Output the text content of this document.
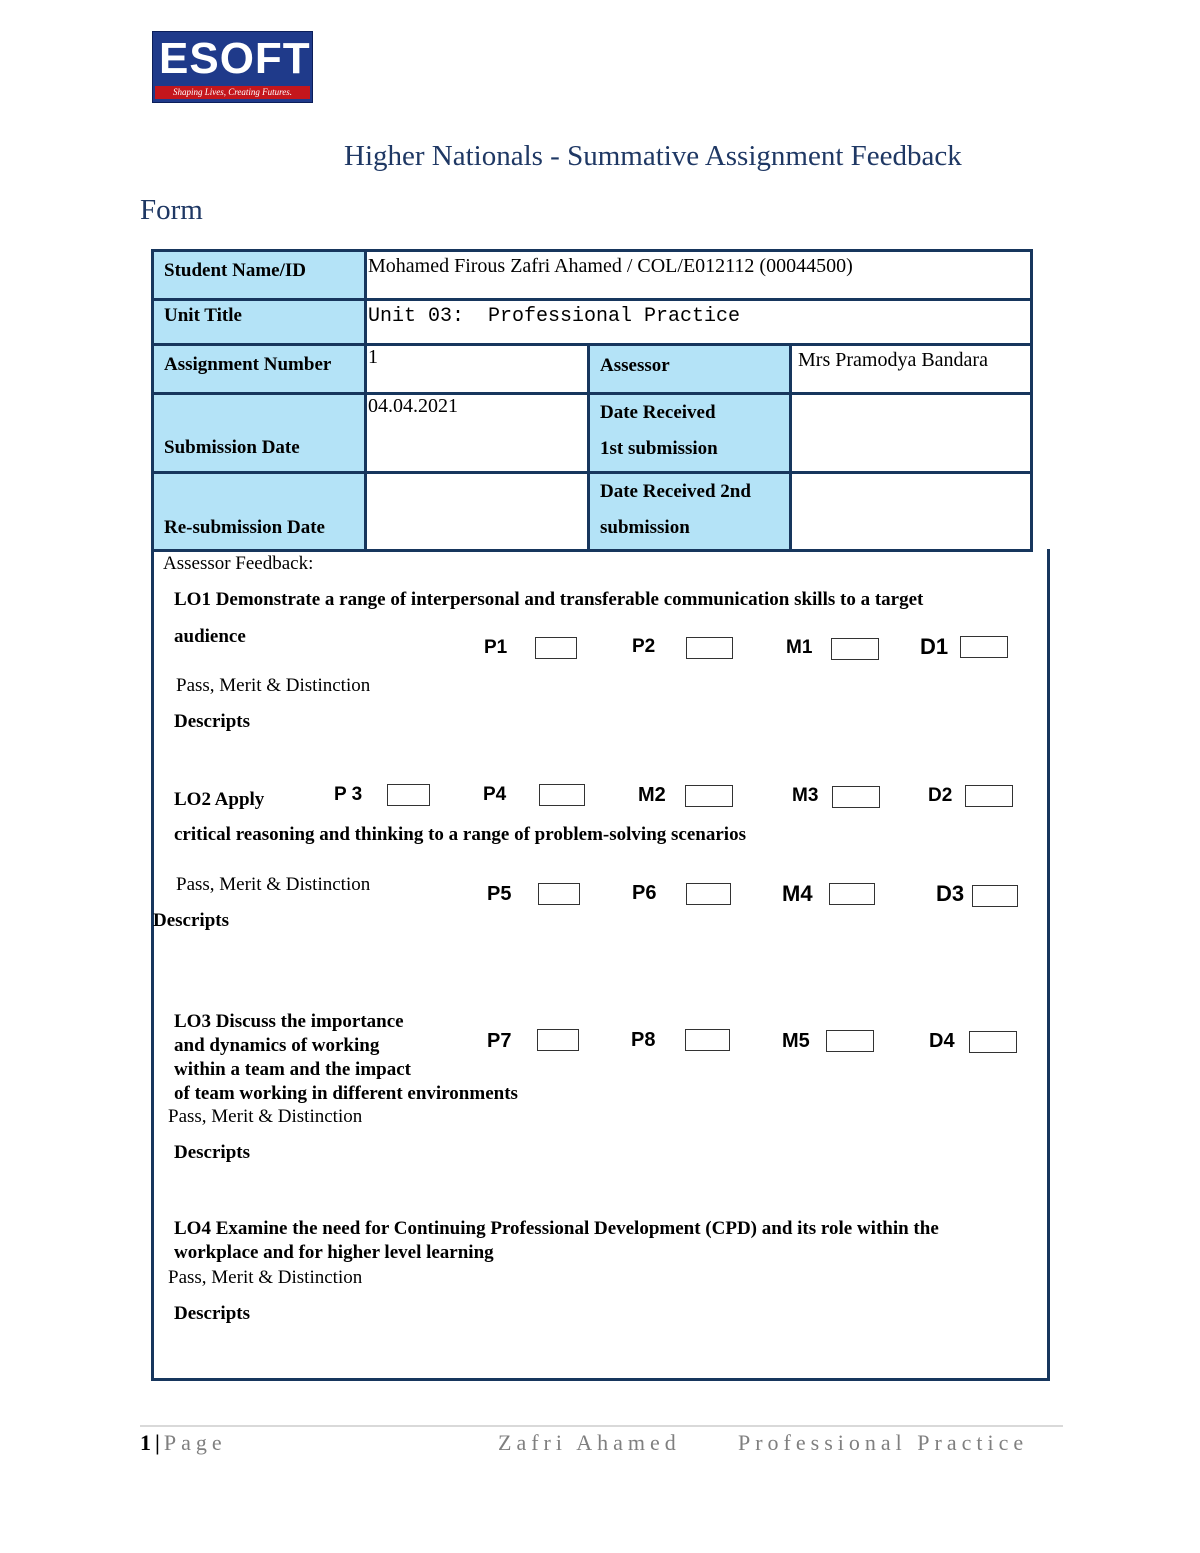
ESOFT
Shaping Lives, Creating Futures.
Higher Nationals - Summative Assignment Feedback
Form
Student Name/ID	Mohamed Firous Zafri Ahamed / COL/E012112 (00044500)		
Unit Title	Unit 03:  Professional Practice		
Assignment Number	1	Assessor	Mrs Pramodya Bandara
Submission Date	04.04.2021	Date Received
1st submission	

Re-submission Date		Date Received 2nd
submission	

Assessor Feedback:
LO1 Demonstrate a range of interpersonal and transferable communication skills to a target
audience
Pass, Merit & Distinction
Descripts
P1	P2	M1	D1
LO2 Apply	P 3	P4	M2	M3	D2
critical reasoning and thinking to a range of problem-solving scenarios
Pass, Merit & Distinction
Descripts
P5	P6	M4	D3
LO3 Discuss the importance
and dynamics of working
within a team and the impact
of team working in different environments
Pass, Merit & Distinction
Descripts
P7	P8	M5	D4
LO4 Examine the need for Continuing Professional Development (CPD) and its role within the
workplace and for higher level learning
Pass, Merit & Distinction
Descripts
1 | Page	Zafri Ahamed	Professional Practice
